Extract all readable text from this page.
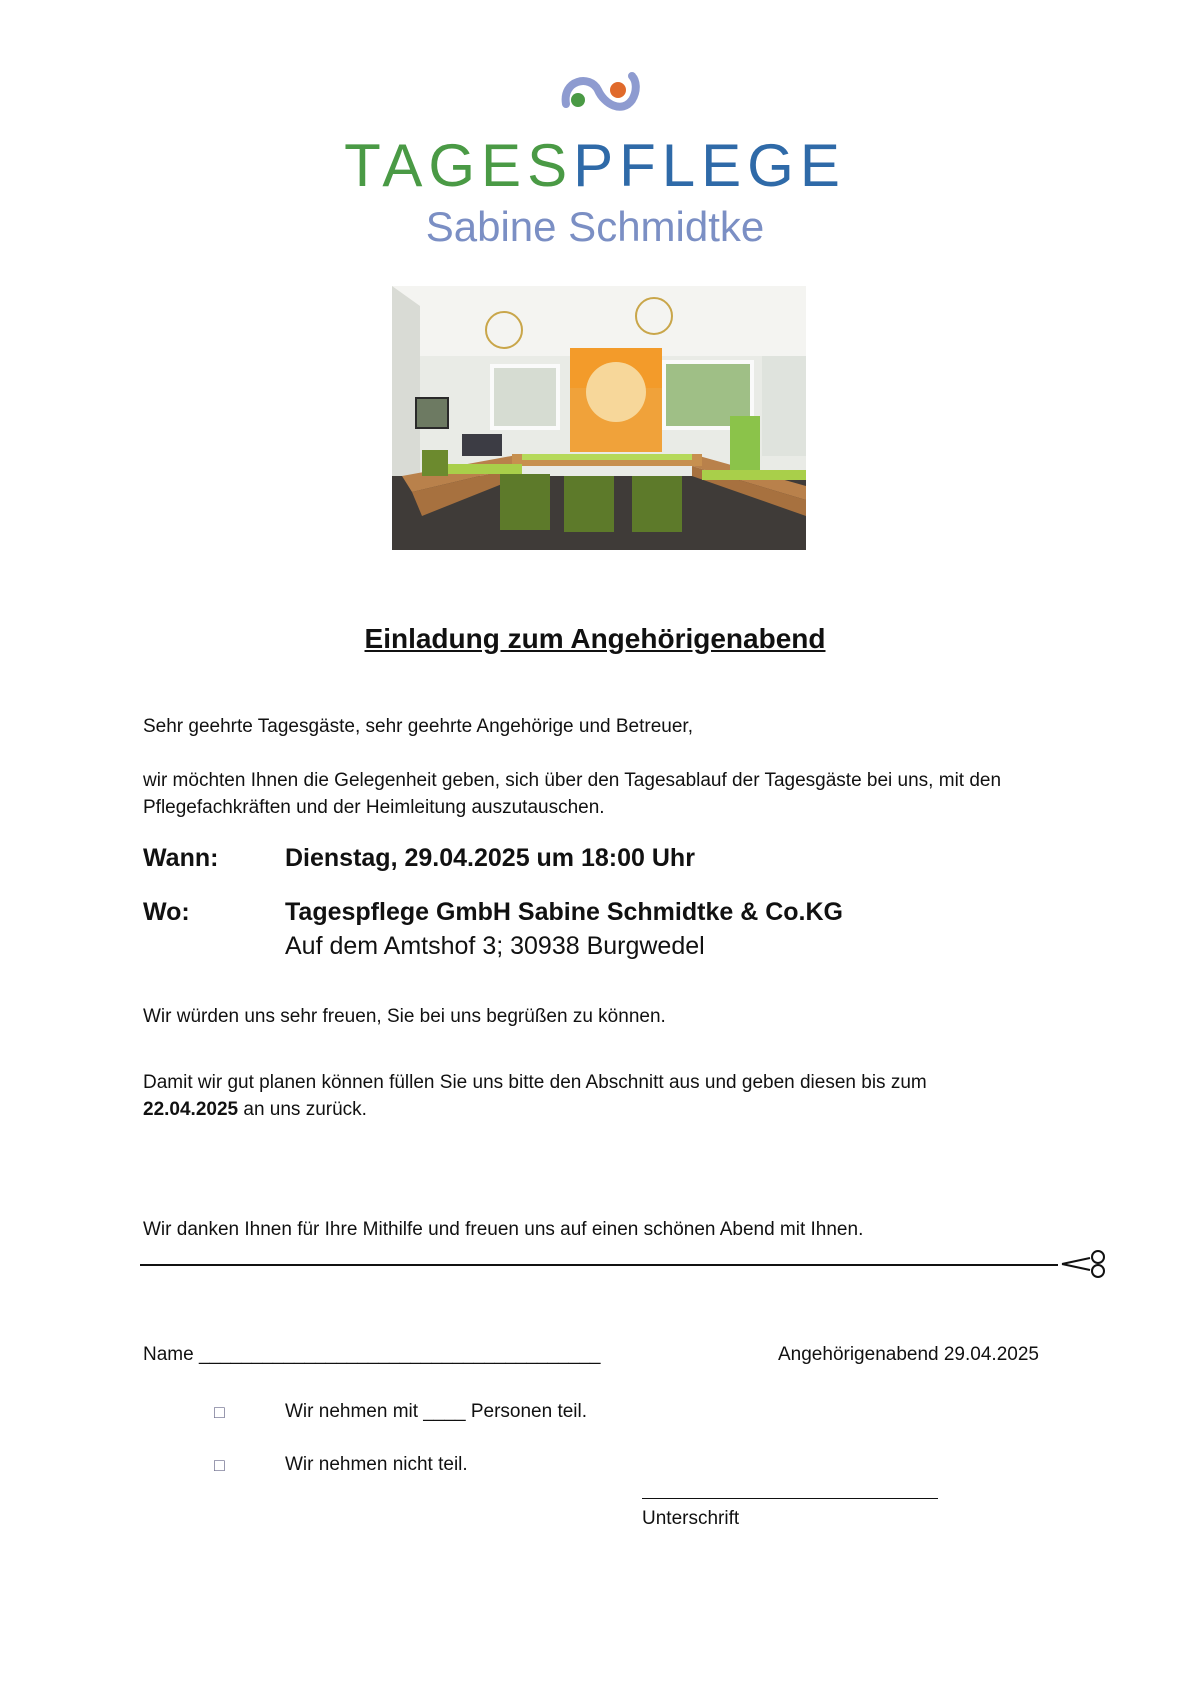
TAGESPFLEGE
Sabine Schmidtke
Einladung zum Angehörigenabend
Sehr geehrte Tagesgäste, sehr geehrte Angehörige und Betreuer,
wir möchten Ihnen die Gelegenheit geben, sich über den Tagesablauf der Tagesgäste bei uns, mit den Pflegefachkräften und der Heimleitung auszutauschen.
Wann:	Dienstag, 29.04.2025 um 18:00 Uhr
Wo:	Tagespflege GmbH Sabine Schmidtke & Co.KG
Auf dem Amtshof 3; 30938 Burgwedel
Wir würden uns sehr freuen, Sie bei uns begrüßen zu können.
Damit wir gut planen können füllen Sie uns bitte den Abschnitt aus und geben diesen bis zum
22.04.2025 an uns zurück.
Wir danken Ihnen für Ihre Mithilfe und freuen uns auf einen schönen Abend mit Ihnen.
Name ______________________________________	Angehörigenabend 29.04.2025
□	Wir nehmen mit ____ Personen teil.
□	Wir nehmen nicht teil.
Unterschrift
